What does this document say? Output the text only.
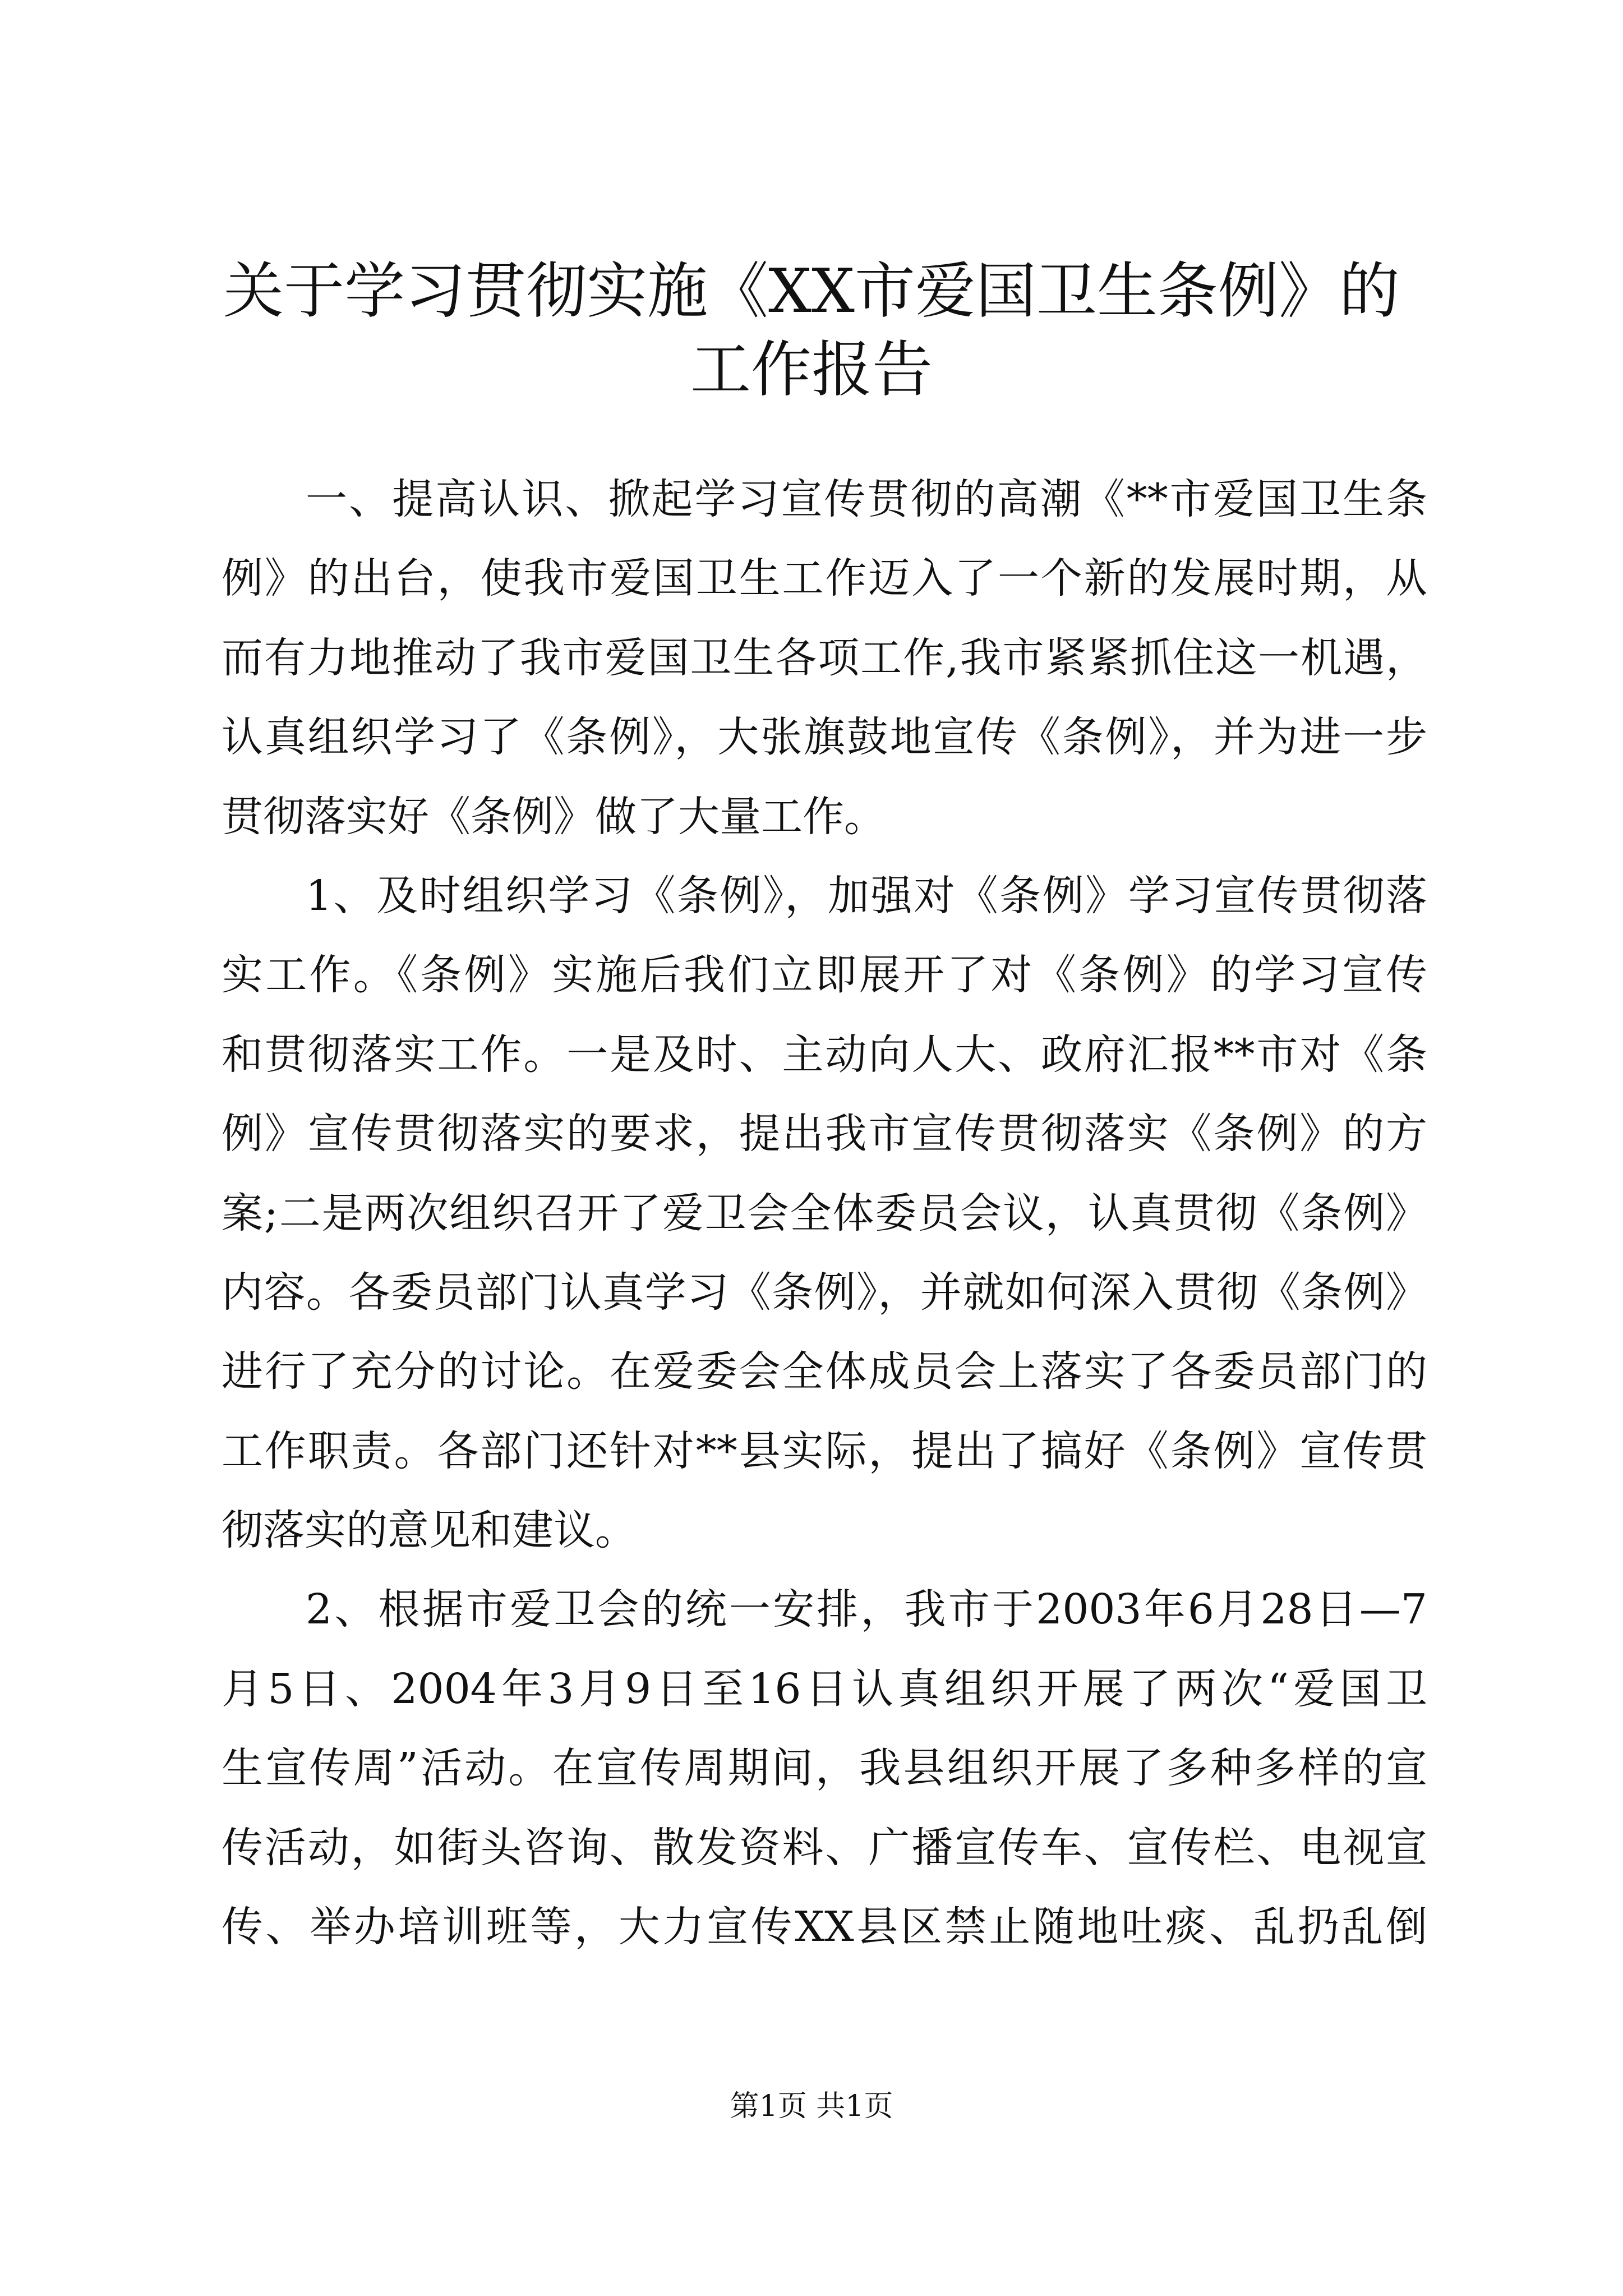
关于学习贯彻实施《XX市爱国卫生条例》的
工作报告
一、提高认识、掀起学习宣传贯彻的高潮《**市爱国卫生条
例》的出台，使我市爱国卫生工作迈入了一个新的发展时期，从
而有力地推动了我市爱国卫生各项工作,我市紧紧抓住这一机遇，
认真组织学习了《条例》，大张旗鼓地宣传《条例》，并为进一步
贯彻落实好《条例》做了大量工作。
1、及时组织学习《条例》，加强对《条例》学习宣传贯彻落
实工作。《条例》实施后我们立即展开了对《条例》的学习宣传
和贯彻落实工作。一是及时、主动向人大、政府汇报**市对《条
例》宣传贯彻落实的要求，提出我市宣传贯彻落实《条例》的方
案;二是两次组织召开了爱卫会全体委员会议，认真贯彻《条例》
内容。各委员部门认真学习《条例》，并就如何深入贯彻《条例》
进行了充分的讨论。在爱委会全体成员会上落实了各委员部门的
工作职责。各部门还针对**县实际，提出了搞好《条例》宣传贯
彻落实的意见和建议。
2、根据市爱卫会的统一安排，我市于2003年6月28日—7
月5日、2004年3月9日至16日认真组织开展了两次“爱国卫
生宣传周”活动。在宣传周期间，我县组织开展了多种多样的宣
传活动，如街头咨询、散发资料、广播宣传车、宣传栏、电视宣
传、举办培训班等，大力宣传XX县区禁止随地吐痰、乱扔乱倒
第1页 共1页
